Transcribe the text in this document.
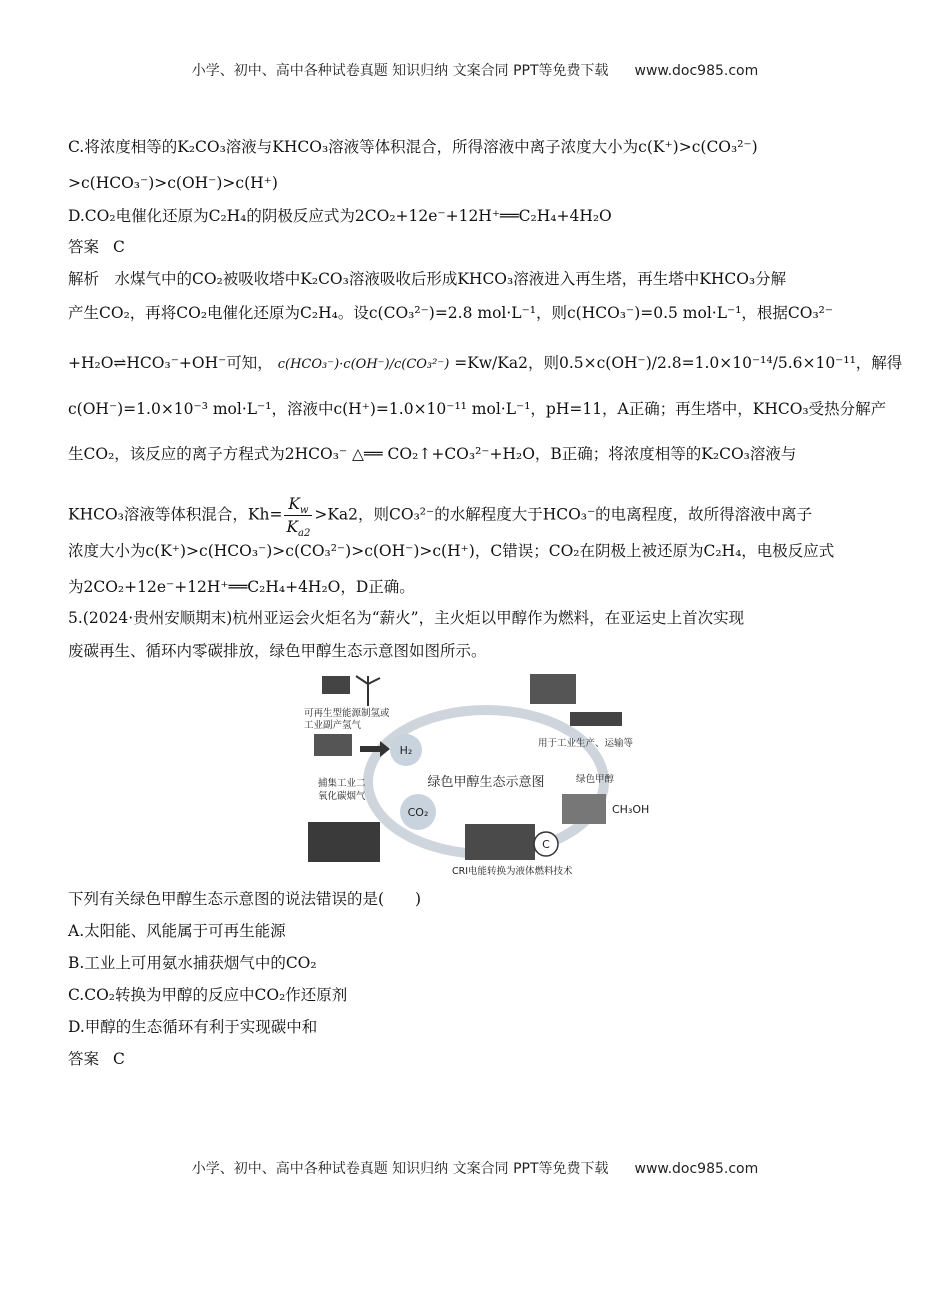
小学、初中、高中各种试卷真题 知识归纳 文案合同 PPT等免费下载 www.doc985.com
C.将浓度相等的K₂CO₃溶液与KHCO₃溶液等体积混合，所得溶液中离子浓度大小为c(K⁺)>c(CO₃²⁻)
>c(HCO₃⁻)>c(OH⁻)>c(H⁺)
D.CO₂电催化还原为C₂H₄的阴极反应式为2CO₂+12e⁻+12H⁺══C₂H₄+4H₂O
答案 C
解析　水煤气中的CO₂被吸收塔中K₂CO₃溶液吸收后形成KHCO₃溶液进入再生塔，再生塔中KHCO₃分解
产生CO₂，再将CO₂电催化还原为C₂H₄。设c(CO₃²⁻)=2.8 mol·L⁻¹，则c(HCO₃⁻)=0.5 mol·L⁻¹，根据CO₃²⁻
+H₂O⇌HCO₃⁻+OH⁻可知， c(HCO₃⁻)·c(OH⁻)/c(CO₃²⁻) =Kw/Ka2，则0.5×c(OH⁻)/2.8=1.0×10⁻¹⁴/5.6×10⁻¹¹，解得
c(OH⁻)=1.0×10⁻³ mol·L⁻¹，溶液中c(H⁺)=1.0×10⁻¹¹ mol·L⁻¹，pH=11，A正确；再生塔中，KHCO₃受热分解产
生CO₂，该反应的离子方程式为2HCO₃⁻ △══ CO₂↑+CO₃²⁻+H₂O，B正确；将浓度相等的K₂CO₃溶液与
KHCO₃溶液等体积混合，$Kh= \frac{K_w}{K_{a2}} >Ka2$，则CO₃²⁻的水解程度大于HCO₃⁻的电离程度，故所得溶液中离子
浓度大小为c(K⁺)>c(HCO₃⁻)>c(CO₃²⁻)>c(OH⁻)>c(H⁺)，C错误；CO₂在阴极上被还原为C₂H₄，电极反应式
为2CO₂+12e⁻+12H⁺══C₂H₄+4H₂O，D正确。
5.(2024·贵州安顺期末)杭州亚运会火炬名为“薪火”，主火炬以甲醇作为燃料，在亚运史上首次实现
废碳再生、循环内零碳排放，绿色甲醇生态示意图如图所示。
绿色甲醇生态示意图
可再生型能源制氢或
工业副产氢气
H₂
捕集工业二
氧化碳烟气
CO₂
用于工业生产、运输等
绿色甲醇
CH₃OH
C
CRI电能转换为液体燃料技术
下列有关绿色甲醇生态示意图的说法错误的是(　　)
A.太阳能、风能属于可再生能源
B.工业上可用氨水捕获烟气中的CO₂
C.CO₂转换为甲醇的反应中CO₂作还原剂
D.甲醇的生态循环有利于实现碳中和
答案 C
小学、初中、高中各种试卷真题 知识归纳 文案合同 PPT等免费下载 www.doc985.com
